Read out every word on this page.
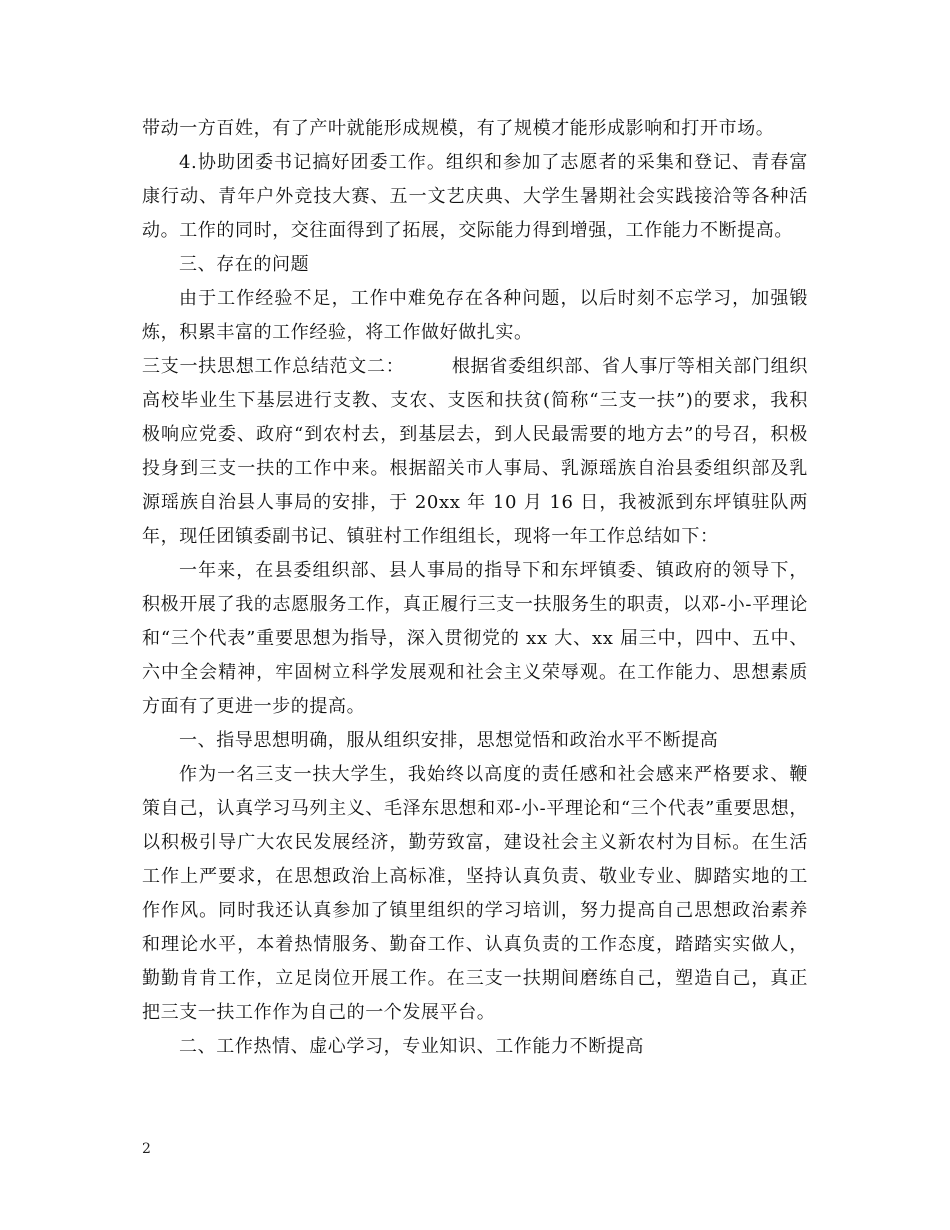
带动一方百姓，有了产叶就能形成规模，有了规模才能形成影响和打开市场。

4.协助团委书记搞好团委工作。组织和参加了志愿者的采集和登记、青春富康行动、青年户外竞技大赛、五一文艺庆典、大学生暑期社会实践接洽等各种活动。工作的同时，交往面得到了拓展，交际能力得到增强，工作能力不断提高。

三、存在的问题

由于工作经验不足，工作中难免存在各种问题，以后时刻不忘学习，加强锻炼，积累丰富的工作经验，将工作做好做扎实。

三支一扶思想工作总结范文二：　　　根据省委组织部、省人事厅等相关部门组织高校毕业生下基层进行支教、支农、支医和扶贫(简称“三支一扶”)的要求，我积极响应党委、政府“到农村去，到基层去，到人民最需要的地方去”的号召，积极投身到三支一扶的工作中来。根据韶关市人事局、乳源瑶族自治县委组织部及乳源瑶族自治县人事局的安排，于 20xx 年 10 月 16 日，我被派到东坪镇驻队两年，现任团镇委副书记、镇驻村工作组组长，现将一年工作总结如下：

一年来，在县委组织部、县人事局的指导下和东坪镇委、镇政府的领导下，积极开展了我的志愿服务工作，真正履行三支一扶服务生的职责，以邓-小-平理论和“三个代表”重要思想为指导，深入贯彻党的 xx 大、xx 届三中，四中、五中、六中全会精神，牢固树立科学发展观和社会主义荣辱观。在工作能力、思想素质方面有了更进一步的提高。

一、指导思想明确，服从组织安排，思想觉悟和政治水平不断提高

作为一名三支一扶大学生，我始终以高度的责任感和社会感来严格要求、鞭策自己，认真学习马列主义、毛泽东思想和邓-小-平理论和“三个代表”重要思想，以积极引导广大农民发展经济，勤劳致富，建设社会主义新农村为目标。在生活工作上严要求，在思想政治上高标准，坚持认真负责、敬业专业、脚踏实地的工作作风。同时我还认真参加了镇里组织的学习培训，努力提高自己思想政治素养和理论水平，本着热情服务、勤奋工作、认真负责的工作态度，踏踏实实做人，勤勤肯肯工作，立足岗位开展工作。在三支一扶期间磨练自己，塑造自己，真正把三支一扶工作作为自己的一个发展平台。

二、工作热情、虚心学习，专业知识、工作能力不断提高

2
